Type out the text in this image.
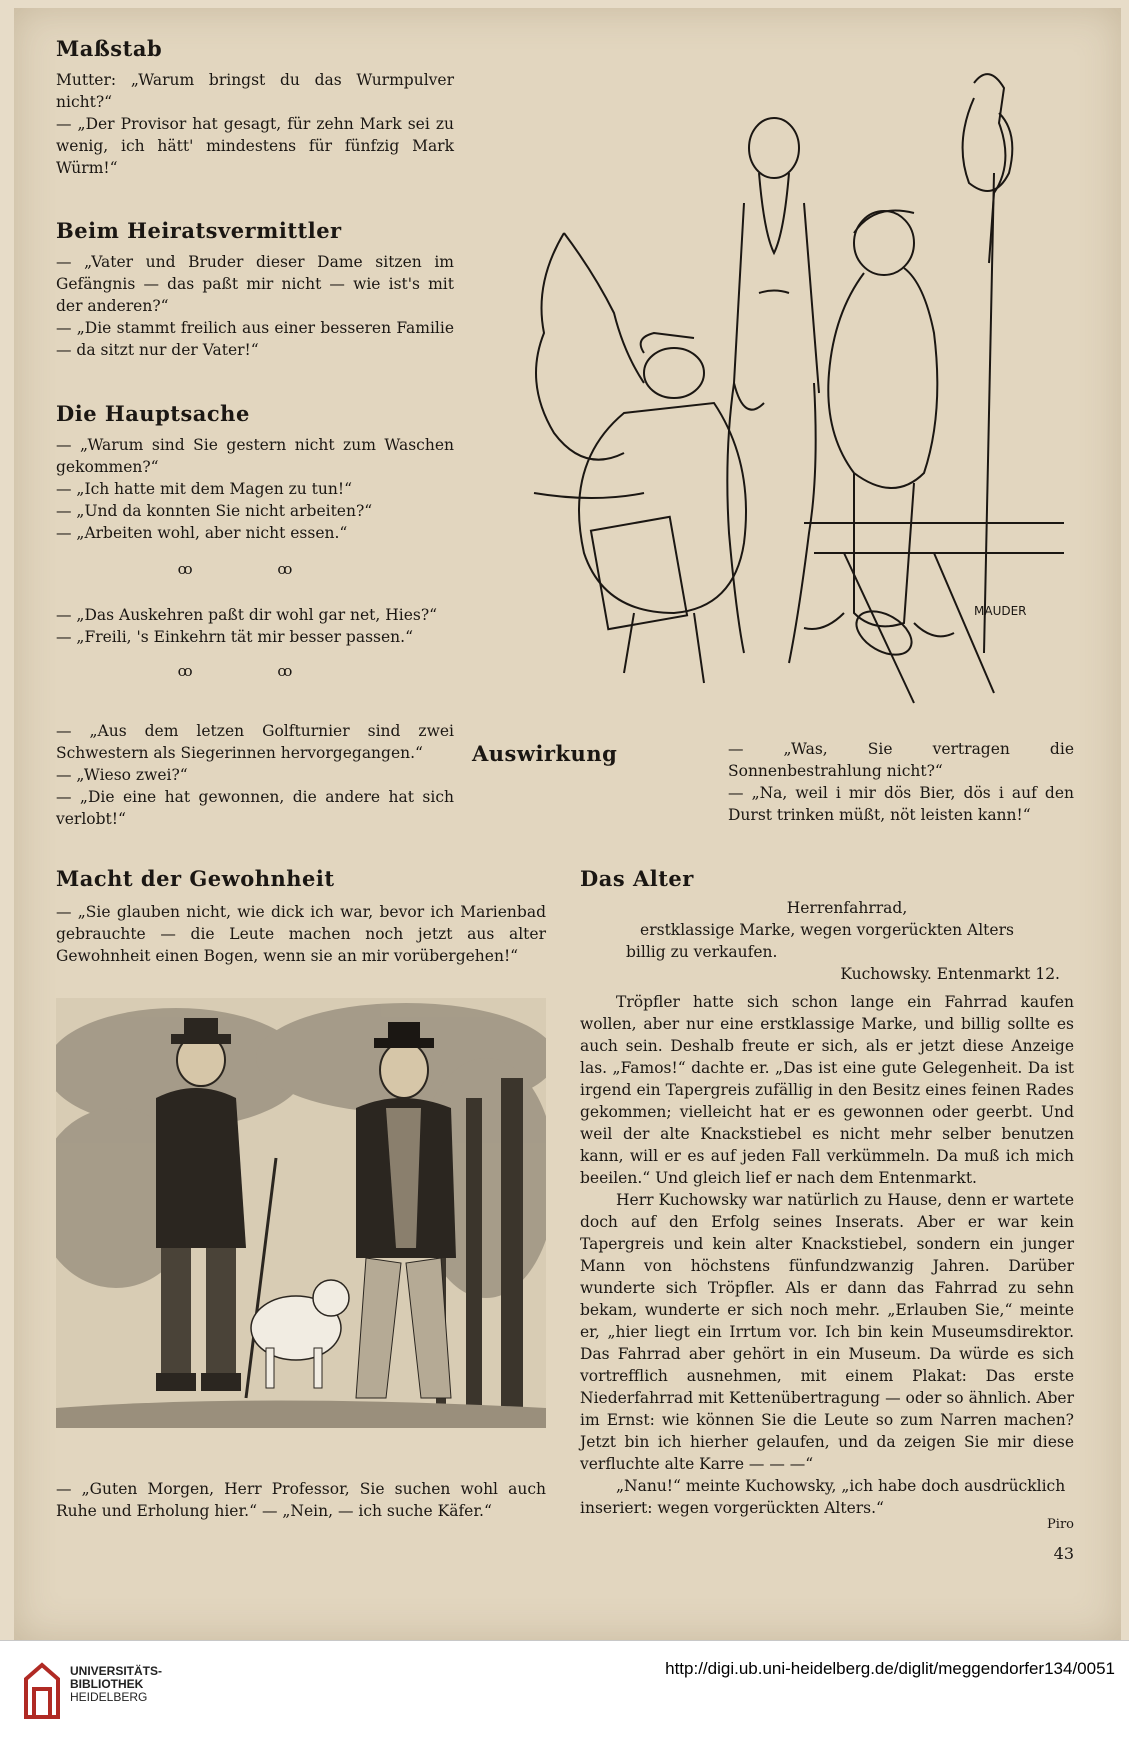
Maßstab

Mutter: „Warum bringst du das Wurmpulver nicht?“

— „Der Provisor hat gesagt, für zehn Mark sei zu wenig, ich hätt' mindestens für fünfzig Mark Würm!“

Beim Heiratsvermittler

— „Vater und Bruder dieser Dame sitzen im Gefängnis — das paßt mir nicht — wie ist's mit der anderen?“

— „Die stammt freilich aus einer besseren Familie — da sitzt nur der Vater!“

Die Hauptsache

— „Warum sind Sie gestern nicht zum Waschen gekommen?“

— „Ich hatte mit dem Magen zu tun!“

— „Und da konnten Sie nicht arbeiten?“

— „Arbeiten wohl, aber nicht essen.“

ꝏ ꝏ

— „Das Auskehren paßt dir wohl gar net, Hies?“

— „Freili, 's Einkehrn tät mir besser passen.“

ꝏ ꝏ

— „Aus dem letzen Golfturnier sind zwei Schwestern als Siegerinnen hervorgegangen.“

— „Wieso zwei?“

— „Die eine hat gewonnen, die andere hat sich verlobt!“

MAUDER
Auswirkung	— „Was, Sie vertragen die Sonnenbestrahlung nicht?“

— „Na, weil i mir dös Bier, dös i auf den Durst trinken müßt, nöt leisten kann!“

Macht der Gewohnheit

— „Sie glauben nicht, wie dick ich war, bevor ich Marienbad gebrauchte — die Leute machen noch jetzt aus alter Gewohnheit einen Bogen, wenn sie an mir vorübergehen!“

— „Guten Morgen, Herr Professor, Sie suchen wohl auch Ruhe und Erholung hier.“ — „Nein, — ich suche Käfer.“

Das Alter
Herrenfahrrad,
erstklassige Marke, wegen vorgerückten Alters
billig zu verkaufen.
Kuchowsky. Entenmarkt 12.

Tröpfler hatte sich schon lange ein Fahrrad kaufen wollen, aber nur eine erstklassige Marke, und billig sollte es auch sein. Deshalb freute er sich, als er jetzt diese Anzeige las. „Famos!“ dachte er. „Das ist eine gute Gelegenheit. Da ist irgend ein Tapergreis zufällig in den Besitz eines feinen Rades gekommen; vielleicht hat er es gewonnen oder geerbt. Und weil der alte Knackstiebel es nicht mehr selber benutzen kann, will er es auf jeden Fall verkümmeln. Da muß ich mich beeilen.“ Und gleich lief er nach dem Entenmarkt.

Herr Kuchowsky war natürlich zu Hause, denn er wartete doch auf den Erfolg seines Inserats. Aber er war kein Tapergreis und kein alter Knackstiebel, sondern ein junger Mann von höchstens fünfundzwanzig Jahren. Darüber wunderte sich Tröpfler. Als er dann das Fahrrad zu sehn bekam, wunderte er sich noch mehr. „Erlauben Sie,“ meinte er, „hier liegt ein Irrtum vor. Ich bin kein Museumsdirektor. Das Fahrrad aber gehört in ein Museum. Da würde es sich vortrefflich ausnehmen, mit einem Plakat: Das erste Niederfahrrad mit Kettenübertragung — oder so ähnlich. Aber im Ernst: wie können Sie die Leute so zum Narren machen? Jetzt bin ich hierher gelaufen, und da zeigen Sie mir diese verfluchte alte Karre — — —“

„Nanu!“ meinte Kuchowsky, „ich habe doch ausdrücklich inseriert: wegen vorgerückten Alters.“

Piro
43
UNIVERSITÄTS-
BIBLIOTHEK
HEIDELBERG
http://digi.ub.uni-heidelberg.de/diglit/meggendorfer134/0051
